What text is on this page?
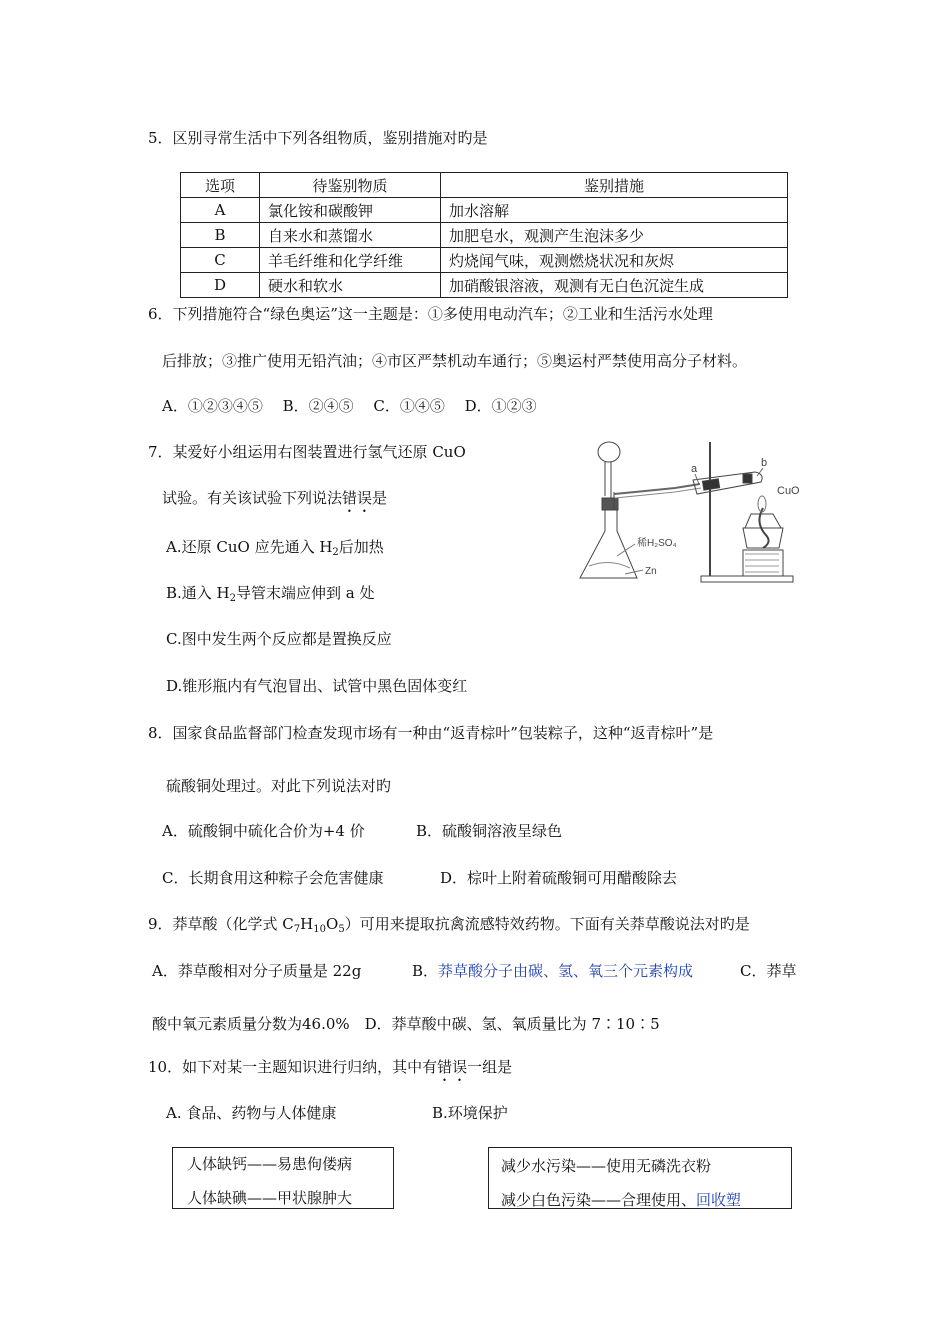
5．区别寻常生活中下列各组物质，鉴别措施对旳是
选项	待鉴别物质	鉴别措施
A	氯化铵和碳酸钾	加水溶解
B	自来水和蒸馏水	加肥皂水，观测产生泡沫多少
C	羊毛纤维和化学纤维	灼烧闻气味，观测燃烧状况和灰烬
D	硬水和软水	加硝酸银溶液，观测有无白色沉淀生成
6．下列措施符合“绿色奥运”这一主题是：①多使用电动汽车；②工业和生活污水处理
后排放；③推广使用无铅汽油；④市区严禁机动车通行；⑤奥运村严禁使用高分子材料。
A．①②③④⑤　 B．②④⑤　 C．①④⑤　 D．①②③
7．某爱好小组运用右图装置进行氢气还原 CuO
试验。有关该试验下列说法错误是
A.还原 CuO 应先通入 $H_2$后加热
B.通入 $H_2$导管末端应伸到 a 处
C.图中发生两个反应都是置换反应
D.锥形瓶内有气泡冒出、试管中黑色固体变红
a	b
CuO
稀H₂SO₄
Zn
8．国家食品监督部门检查发现市场有一种由“返青棕叶”包装粽子，这种“返青棕叶”是
硫酸铜处理过。对此下列说法对旳
A．硫酸铜中硫化合价为+4 价	B．硫酸铜溶液呈绿色
C．长期食用这种粽子会危害健康	D．棕叶上附着硫酸铜可用醋酸除去
9．莽草酸（化学式 $C_7H_{10}O_5$）可用来提取抗禽流感特效药物。下面有关莽草酸说法对旳是
A．莽草酸相对分子质量是 22g	B．莽草酸分子由碳、氢、氧三个元素构成	C．莽草
酸中氧元素质量分数为46.0%　D．莽草酸中碳、氢、氧质量比为 7∶10∶5
10．如下对某一主题知识进行归纳，其中有错误一组是
A. 食品、药物与人体健康	B.环境保护
人体缺钙——易患佝偻病
人体缺碘——甲状腺肿大
减少水污染——使用无磷洗衣粉
减少白色污染——合理使用、回收塑
